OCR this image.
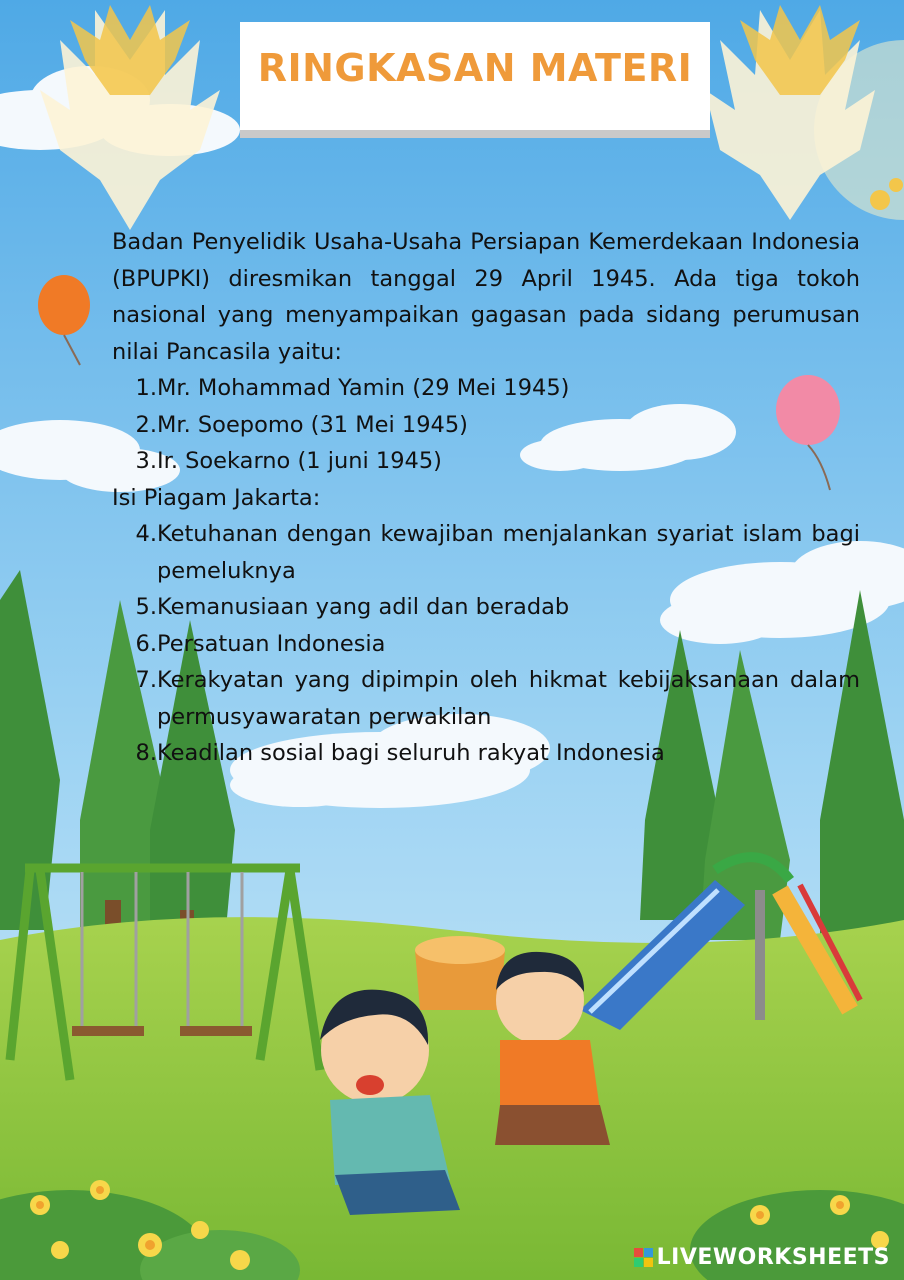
RINGKASAN MATERI

Badan Penyelidik Usaha-Usaha Persiapan Kemerdekaan Indonesia (BPUPKI) diresmikan tanggal 29 April 1945. Ada tiga tokoh nasional yang menyampaikan gagasan pada sidang perumusan nilai Pancasila yaitu:

1. Mr. Mohammad Yamin (29 Mei 1945)
2. Mr. Soepomo (31 Mei 1945)
3. Ir. Soekarno (1 juni 1945)

Isi Piagam Jakarta:

4. Ketuhanan dengan kewajiban menjalankan syariat islam bagi pemeluknya
5. Kemanusiaan yang adil dan beradab
6. Persatuan Indonesia
7. Kerakyatan yang dipimpin oleh hikmat kebijaksanaan dalam permusyawaratan perwakilan
8. Keadilan sosial bagi seluruh rakyat Indonesia
LIVEWORKSHEETS
